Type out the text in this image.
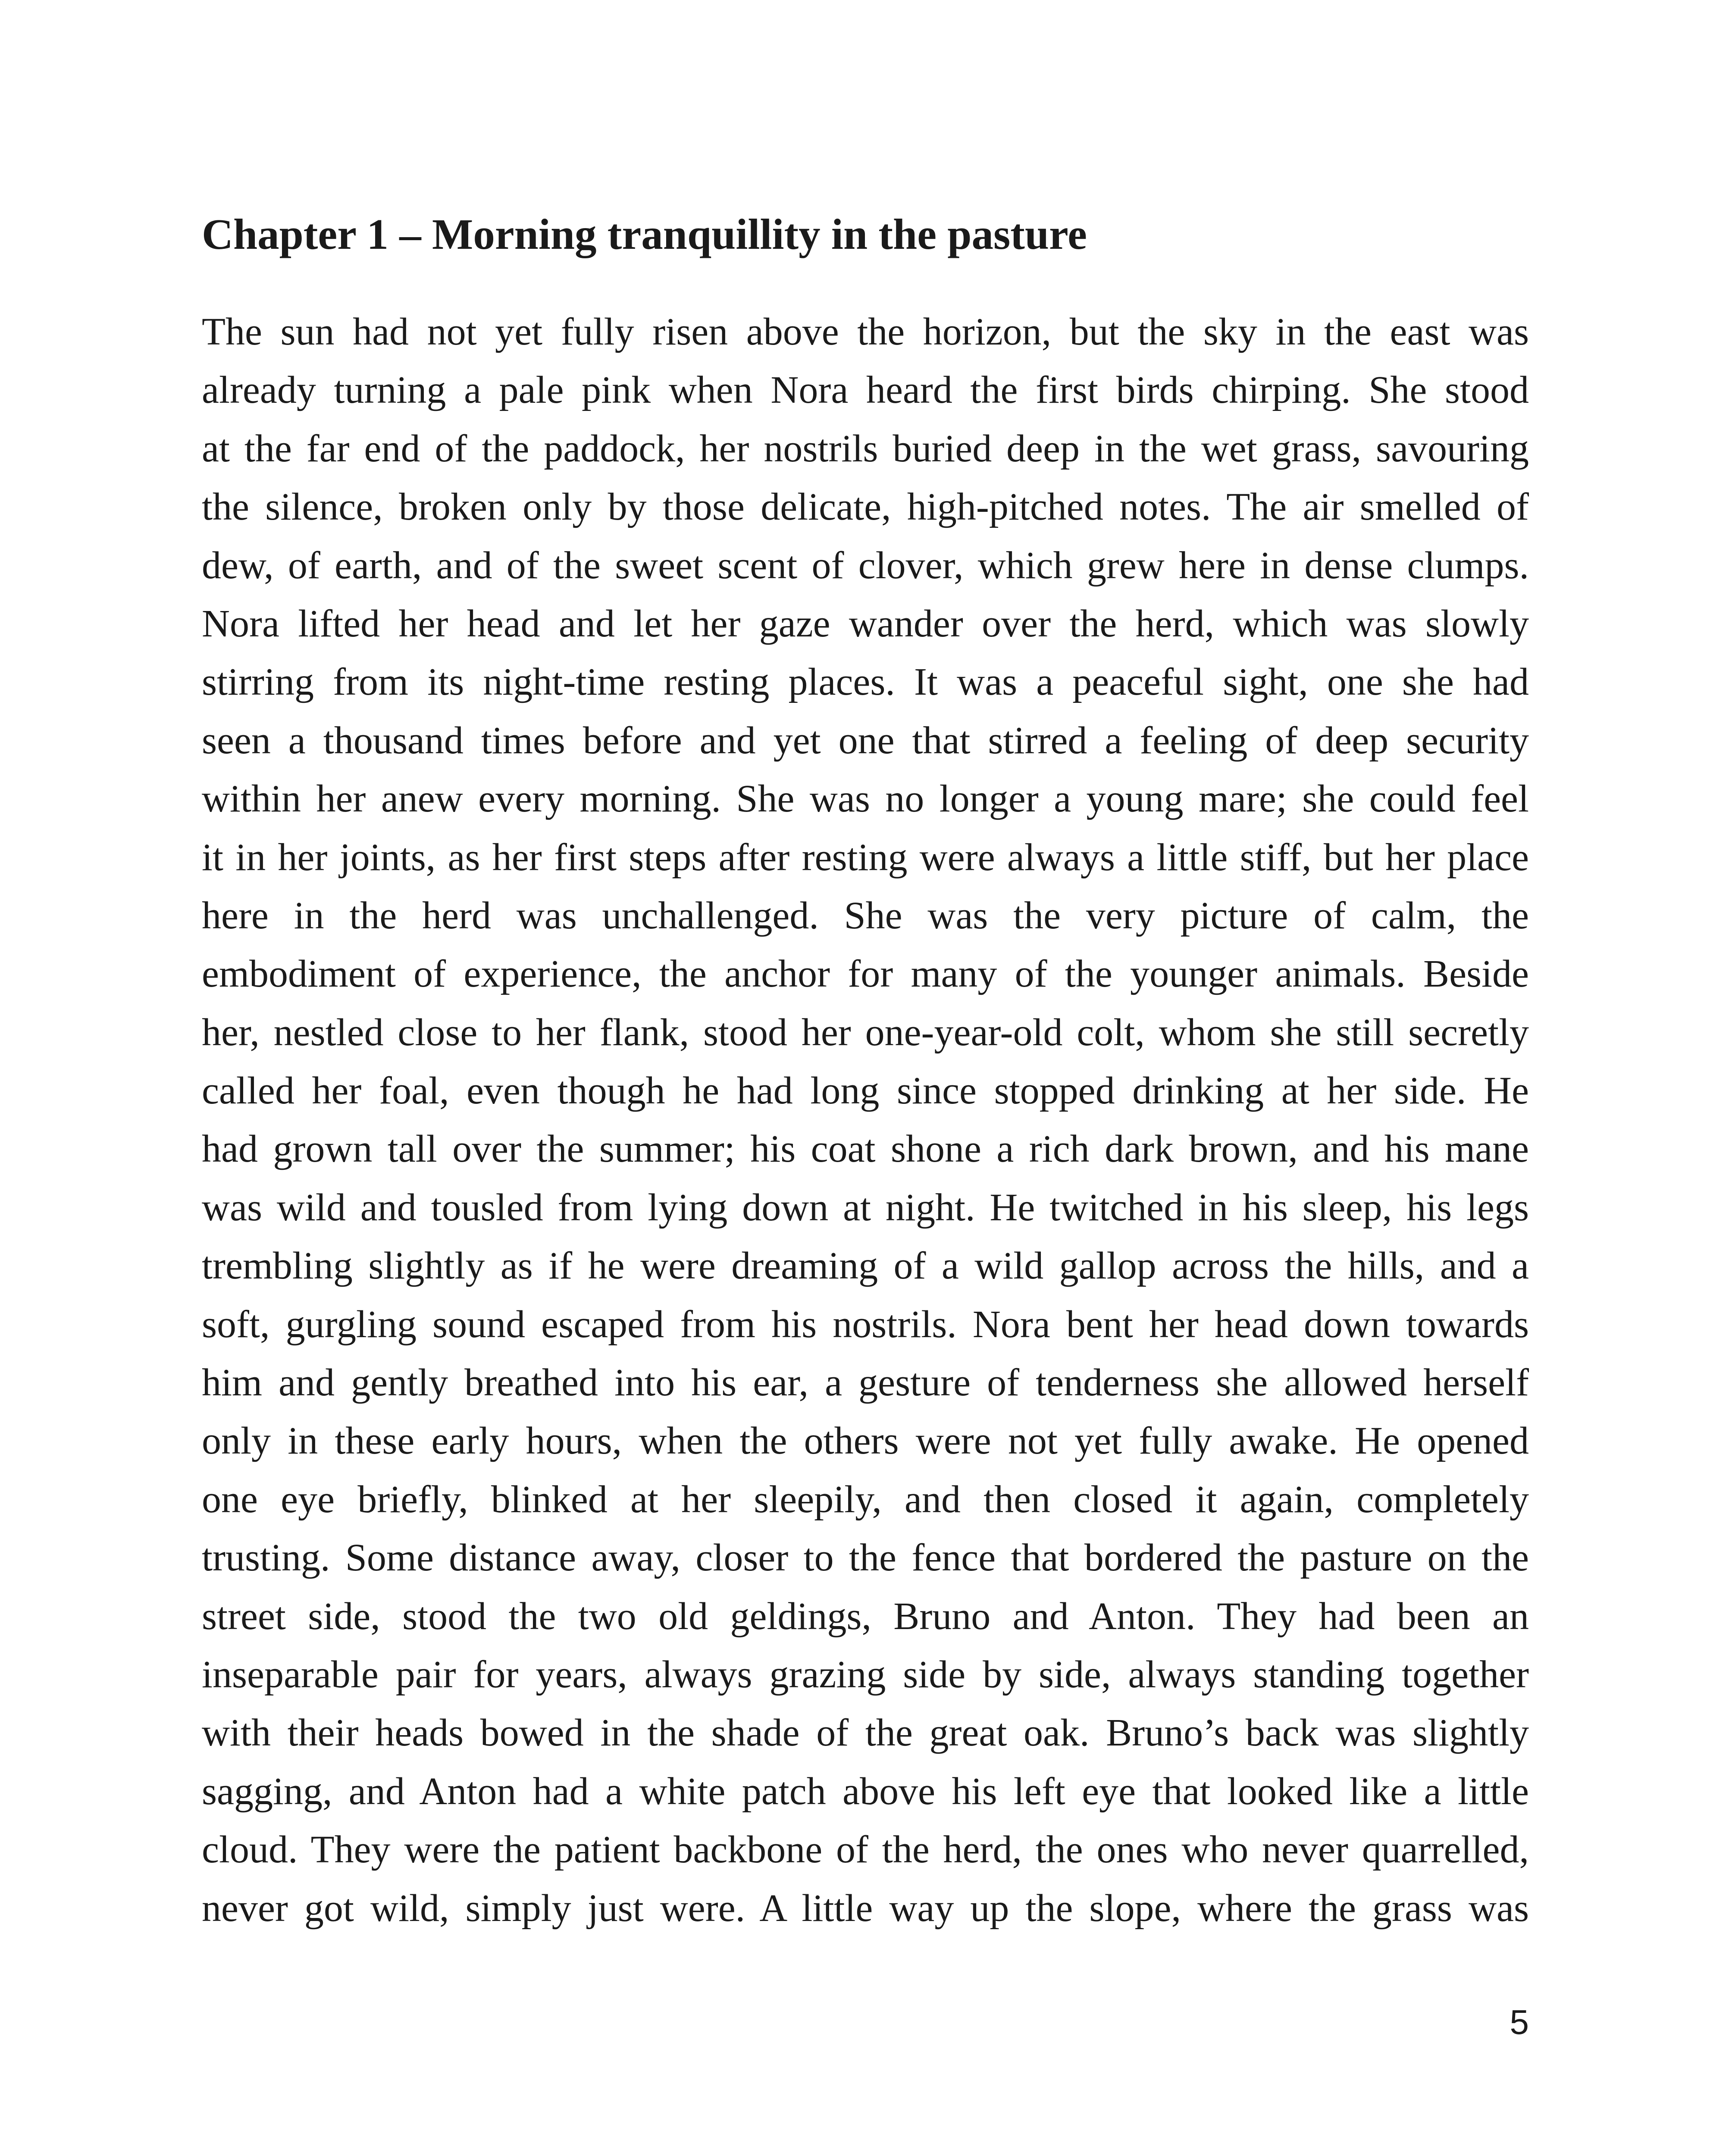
Chapter 1 – Morning tranquillity in the pasture
The sun had not yet fully risen above the horizon, but the sky in the east was
already turning a pale pink when Nora heard the first birds chirping. She stood
at the far end of the paddock, her nostrils buried deep in the wet grass, savouring
the silence, broken only by those delicate, high-pitched notes. The air smelled of
dew, of earth, and of the sweet scent of clover, which grew here in dense clumps.
Nora lifted her head and let her gaze wander over the herd, which was slowly
stirring from its night-time resting places. It was a peaceful sight, one she had
seen a thousand times before and yet one that stirred a feeling of deep security
within her anew every morning. She was no longer a young mare; she could feel
it in her joints, as her first steps after resting were always a little stiff, but her place
here in the herd was unchallenged. She was the very picture of calm, the
embodiment of experience, the anchor for many of the younger animals. Beside
her, nestled close to her flank, stood her one-year-old colt, whom she still secretly
called her foal, even though he had long since stopped drinking at her side. He
had grown tall over the summer; his coat shone a rich dark brown, and his mane
was wild and tousled from lying down at night. He twitched in his sleep, his legs
trembling slightly as if he were dreaming of a wild gallop across the hills, and a
soft, gurgling sound escaped from his nostrils. Nora bent her head down towards
him and gently breathed into his ear, a gesture of tenderness she allowed herself
only in these early hours, when the others were not yet fully awake. He opened
one eye briefly, blinked at her sleepily, and then closed it again, completely
trusting. Some distance away, closer to the fence that bordered the pasture on the
street side, stood the two old geldings, Bruno and Anton. They had been an
inseparable pair for years, always grazing side by side, always standing together
with their heads bowed in the shade of the great oak. Bruno’s back was slightly
sagging, and Anton had a white patch above his left eye that looked like a little
cloud. They were the patient backbone of the herd, the ones who never quarrelled,
never got wild, simply just were. A little way up the slope, where the grass was
5
